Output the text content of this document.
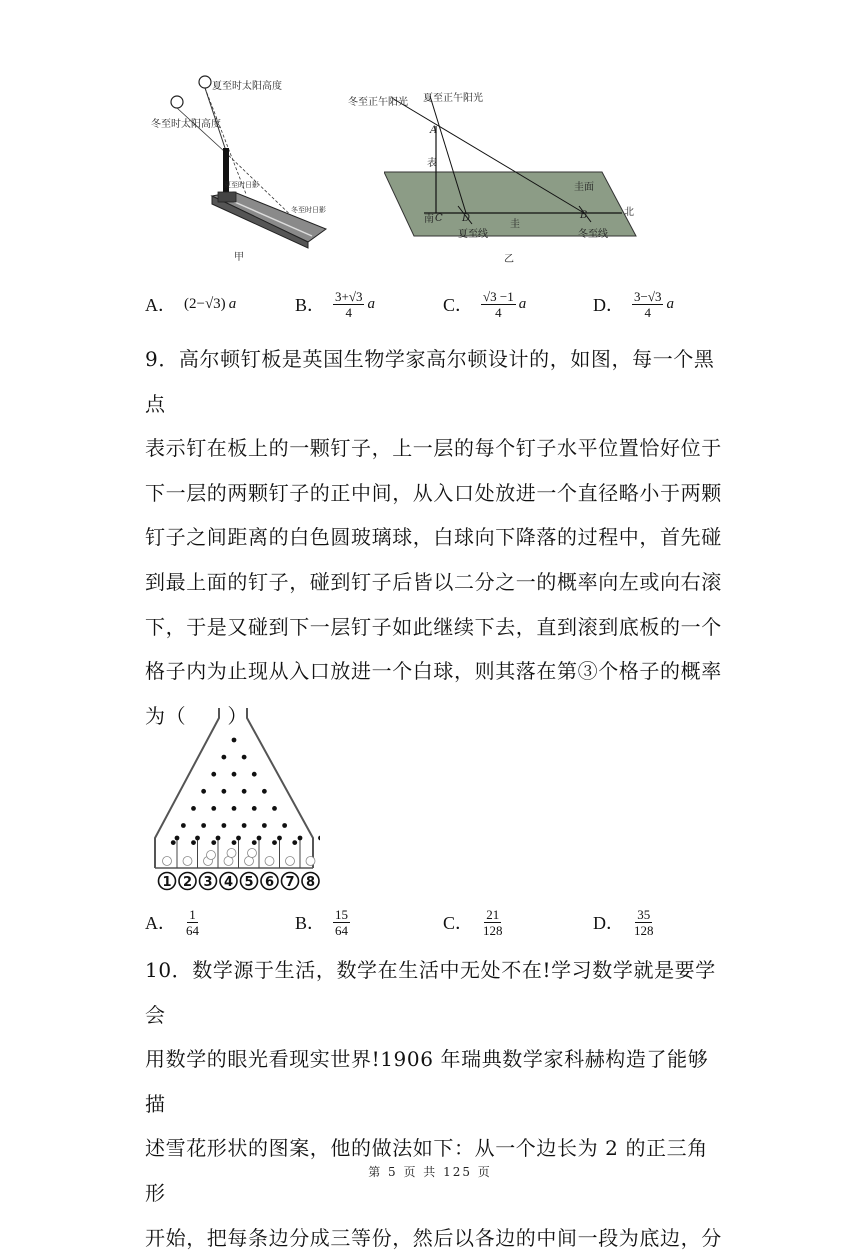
夏至时太阳高度
冬至时太阳高度
夏至时日影
冬至时日影
甲
冬至正午阳光 夏至正午阳光
A
表
圭面
南 C D
圭
B	北
夏至线	冬至线
乙
A． (2−√3) a	B． $\frac{3+√3}{4}$ a	C． $\frac{√3 -1}{4}$ a	D． $\frac{3-√3}{4}$ a

9．高尔顿钉板是英国生物学家高尔顿设计的，如图，每一个黑点

表示钉在板上的一颗钉子，上一层的每个钉子水平位置恰好位于

下一层的两颗钉子的正中间，从入口处放进一个直径略小于两颗

钉子之间距离的白色圆玻璃球，白球向下降落的过程中，首先碰

到最上面的钉子，碰到钉子后皆以二分之一的概率向左或向右滚

下，于是又碰到下一层钉子如此继续下去，直到滚到底板的一个

格子内为止现从入口放进一个白球，则其落在第③个格子的概率

为（　　）

1 2 3 4 5 6 7 8
A． $\frac{1}{64}$	B． $\frac{15}{64}$	C． $\frac{21}{128}$	D． $\frac{35}{128}$

10．数学源于生活，数学在生活中无处不在!学习数学就是要学会

用数学的眼光看现实世界!1906 年瑞典数学家科赫构造了能够描

述雪花形状的图案，他的做法如下：从一个边长为 2 的正三角形

开始，把每条边分成三等份，然后以各边的中间一段为底边，分

第 5 页 共 125 页
